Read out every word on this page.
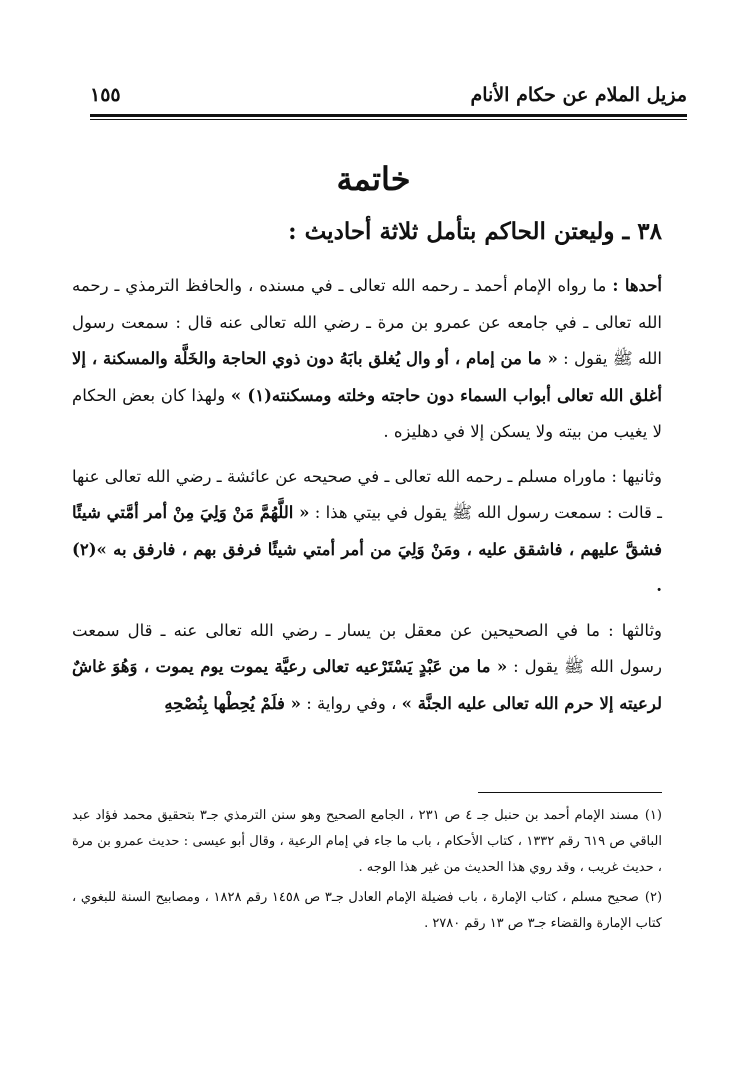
١٥٥	مزيل الملام عن حكام الأنام
خاتمة
٣٨ ـ وليعتن الحاكم بتأمل ثلاثة أحاديث :

أحدها : ما رواه الإمام أحمد ـ رحمه الله تعالى ـ في مسنده ، والحافظ الترمذي ـ رحمه الله تعالى ـ في جامعه عن عمرو بن مرة ـ رضي الله تعالى عنه قال : سمعت رسول الله ﷺ يقول : « ما من إمام ، أو وال يُغلق بابَهُ دون ذوي الحاجة والخَلَّة والمسكنة ، إلا أغلق الله تعالى أبواب السماء دون حاجته وخلته ومسكنته(١) » ولهذا كان بعض الحكام لا يغيب من بيته ولا يسكن إلا في دهليزه .

وثانيها : ماوراه مسلم ـ رحمه الله تعالى ـ في صحيحه عن عائشة ـ رضي الله تعالى عنها ـ قالت : سمعت رسول الله ﷺ يقول في بيتي هذا : « اللَّهُمَّ مَنْ وَلِيَ مِنْ أمر أمَّتي شيئًا فشقَّ عليهم ، فاشقق عليه ، ومَنْ وَلِيَ من أمر أمتي شيئًا فرفق بهم ، فارفق به »(٢) .

وثالثها : ما في الصحيحين عن معقل بن يسار ـ رضي الله تعالى عنه ـ قال سمعت رسول الله ﷺ يقول : « ما من عَبْدٍ يَسْتَرْعيه تعالى رعيَّة يموت يوم يموت ، وَهُوَ غاشٌ لرعيته إلا حرم الله تعالى عليه الجنَّة » ، وفي رواية : « فلَمْ يُحِطْها بِنُصْحِهِ

(١)مسند الإمام أحمد بن حنبل جـ ٤ ص ٢٣١ ، الجامع الصحيح وهو سنن الترمذي جـ٣ بتحقيق محمد فؤاد عبد الباقي ص ٦١٩ رقم ١٣٣٢ ، كتاب الأحكام ، باب ما جاء في إمام الرعية ، وقال أبو عيسى : حديث عمرو بن مرة ، حديث غريب ، وقد روي هذا الحديث من غير هذا الوجه .

(٢)صحيح مسلم ، كتاب الإمارة ، باب فضيلة الإمام العادل جـ٣ ص ١٤٥٨ رقم ١٨٢٨ ، ومصابيح السنة للبغوي ، كتاب الإمارة والقضاء جـ٣ ص ١٣ رقم ٢٧٨٠ .
